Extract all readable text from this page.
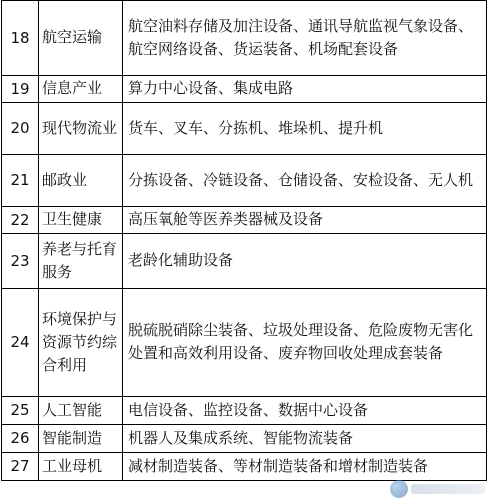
18	航空运输	航空油料存储及加注设备、通讯导航监视气象设备、航空网络设备、货运装备、机场配套设备
19	信息产业	算力中心设备、集成电路
20	现代物流业	货车、叉车、分拣机、堆垛机、提升机
21	邮政业	分拣设备、冷链设备、仓储设备、安检设备、无人机
22	卫生健康	高压氧舱等医养类器械及设备
23	养老与托育服务	老龄化辅助设备
24	环境保护与资源节约综合利用	脱硫脱硝除尘装备、垃圾处理设备、危险废物无害化处置和高效利用设备、废弃物回收处理成套装备
25	人工智能	电信设备、监控设备、数据中心设备
26	智能制造	机器人及集成系统、智能物流装备
27	工业母机	减材制造装备、等材制造装备和增材制造装备
